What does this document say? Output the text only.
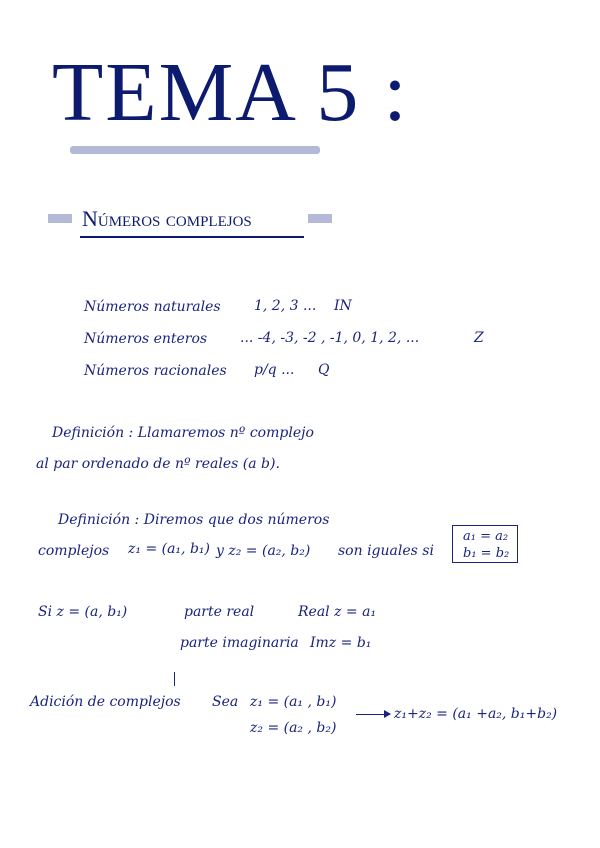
TEMA 5 :
Números complejos
Números naturales 1, 2, 3 ... IN
Números enteros ... -4, -3, -2 , -1, 0, 1, 2, ...	Z
Números racionales p/q ... Q
Definición : Llamaremos nº complejo
al par ordenado de nº reales (a b).
Definición : Diremos que dos números
complejos z₁ = (a₁, b₁) y z₂ = (a₂, b₂) son iguales si
a₁ = a₂
b₁ = b₂
Si z = (a, b₁)	parte real	Real z = a₁
parte imaginaria Imz = b₁
Adición de complejos Sea z₁ = (a₁ , b₁)
z₂ = (a₂ , b₂)
z₁+z₂ = (a₁ +a₂, b₁+b₂)
